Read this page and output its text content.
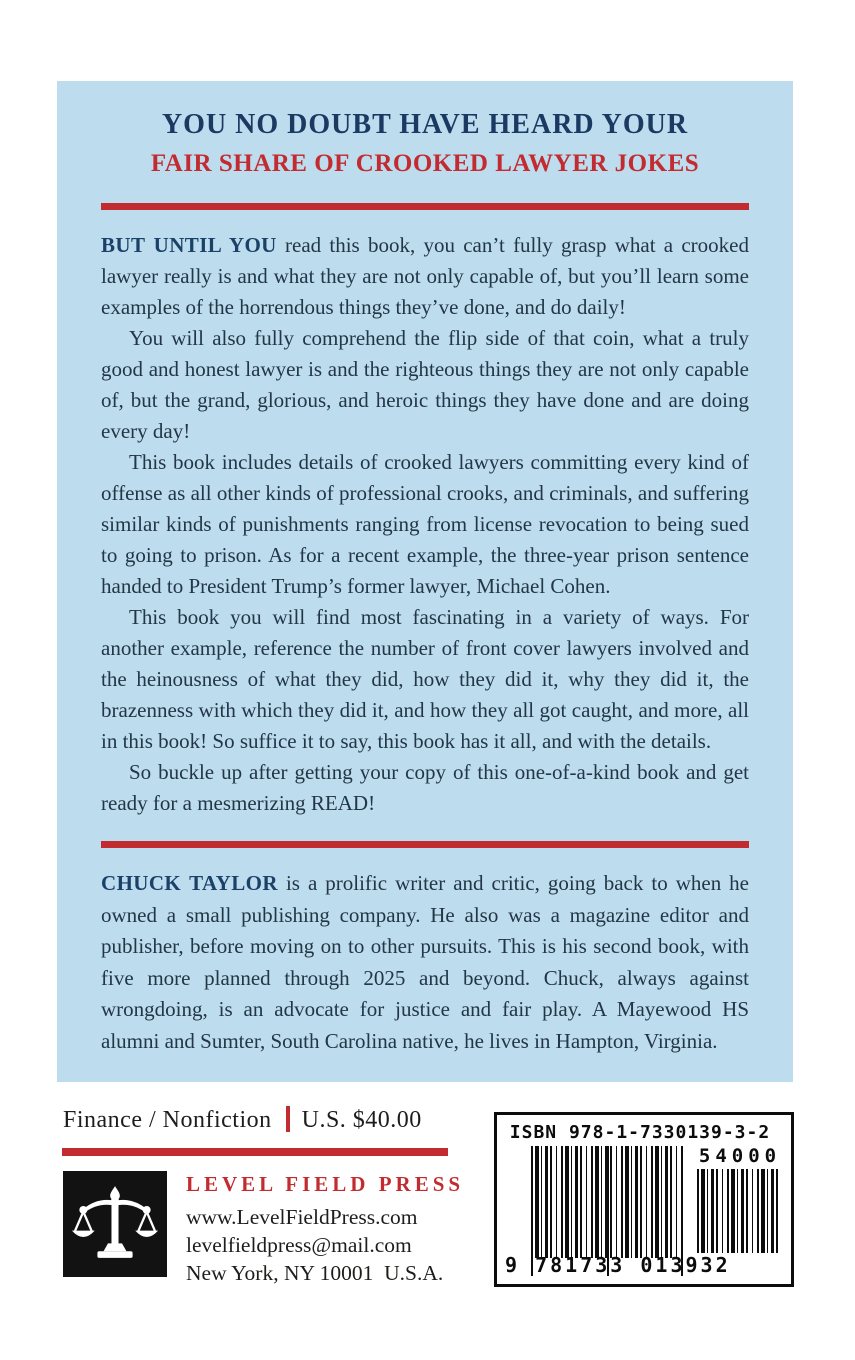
YOU NO DOUBT HAVE HEARD YOUR
FAIR SHARE OF CROOKED LAWYER JOKES

BUT UNTIL YOU read this book, you can’t fully grasp what a crooked lawyer really is and what they are not only capable of, but you’ll learn some examples of the horrendous things they’ve done, and do daily!

You will also fully comprehend the flip side of that coin, what a truly good and honest lawyer is and the righteous things they are not only capable of, but the grand, glorious, and heroic things they have done and are doing every day!

This book includes details of crooked lawyers committing every kind of offense as all other kinds of professional crooks, and criminals, and suffering similar kinds of punishments ranging from license revocation to being sued to going to prison. As for a recent example, the three-year prison sentence handed to President Trump’s former lawyer, Michael Cohen.

This book you will find most fascinating in a variety of ways. For another example, reference the number of front cover lawyers involved and the heinousness of what they did, how they did it, why they did it, the brazenness with which they did it, and how they all got caught, and more, all in this book! So suffice it to say, this book has it all, and with the details.

So buckle up after getting your copy of this one-of-a-kind book and get ready for a mesmerizing READ!

CHUCK TAYLOR is a prolific writer and critic, going back to when he owned a small publishing company. He also was a magazine editor and publisher, before moving on to other pursuits. This is his second book, with five more planned through 2025 and beyond. Chuck, always against wrongdoing, is an advocate for justice and fair play. A Mayewood HS alumni and Sumter, South Carolina native, he lives in Hampton, Virginia.

Finance / Nonfiction U.S. $40.00
LEVEL FIELD PRESS
www.LevelFieldPress.com
levelfieldpress@mail.com
New York, NY 10001  U.S.A.
ISBN 978-1-7330139-3-2
9 781733 013932
54000
